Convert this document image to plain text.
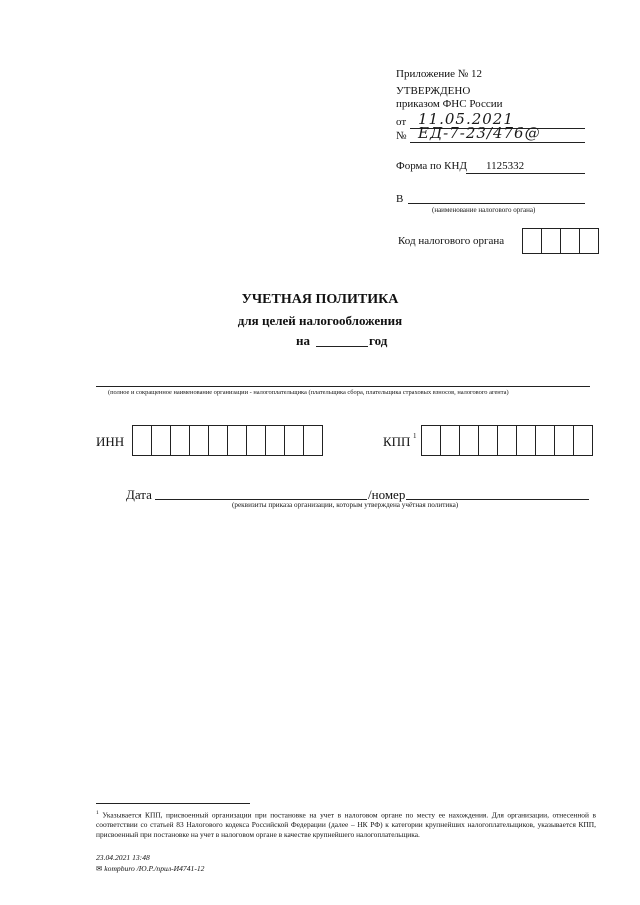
Приложение № 12
УТВЕРЖДЕНО
приказом ФНС России
от 11.05.2021
№ ЕД-7-23/476@
Форма по КНД 1125332
В
(наименование налогового органа)
Код налогового органа
УЧЕТНАЯ ПОЛИТИКА
для целей налогообложения
на	год
(полное и сокращенное наименование организации - налогоплательщика (плательщика сбора, плательщика страховых взносов, налогового агента)
ИНН	КПП 1
Дата	/номер
(реквизиты приказа организации, которым утверждена учётная политика)
$^1$ Указывается КПП, присвоенный организации при постановке на учет в налоговом органе по месту ее нахождения. Для организации, отнесенной в соответствии со статьей 83 Налогового кодекса Российской Федерации (далее – НК РФ) к категории крупнейших налогоплательщиков, указывается КПП, присвоенный при постановке на учет в налоговом органе в качестве крупнейшего налогоплательщика.
23.04.2021 13:48
✉ kompburo /Ю.Р./прил-И4741-12
